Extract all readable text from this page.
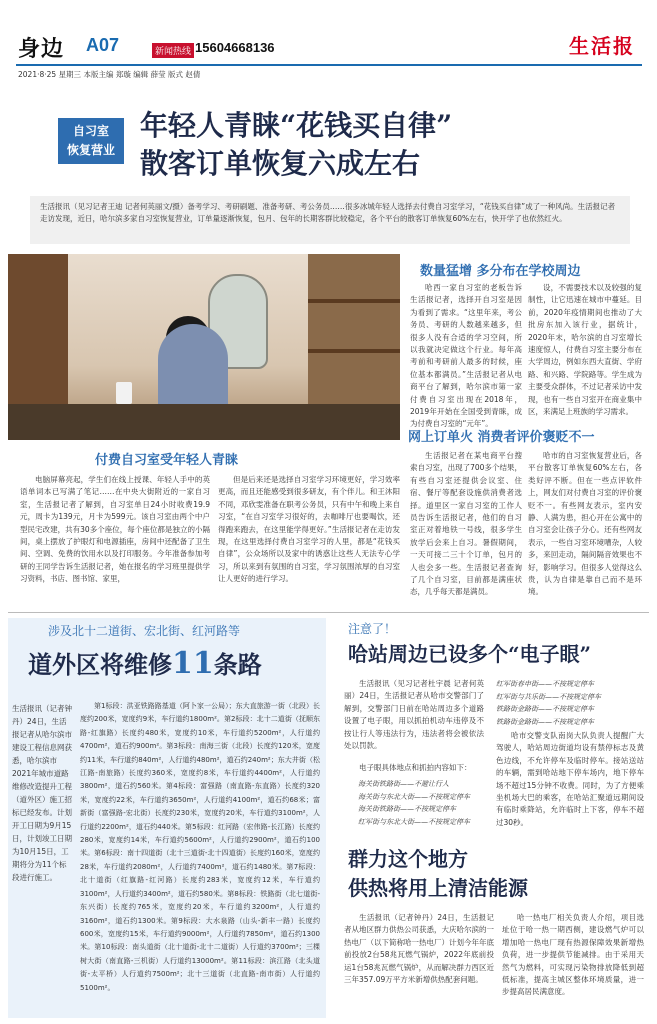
身边 A07	新闻热线 15604668136	生活报
2021·8·25 星期三 本版主编 郑璇 编辑 薛莹 版式 赵倩
自习室
恢复营业
年轻人青睐“花钱买自律”
散客订单恢复六成左右
生活报讯（见习记者王迪 记者何英丽文/摄）备考学习、考研刷题、准备考研、考公务员……很多冰城年轻人选择去付费自习室学习，“花钱买自律”成了一种风尚。生活报记者走访发现，近日，哈尔滨多家自习室恢复营业，订单量逐渐恢复，包月、包年的长期客群比较稳定，各个平台的散客订单恢复60%左右，快开学了也依然红火。
付费自习室受年轻人青睐

电脑屏幕亮起，学生们在线上授课、年轻人手中的英语单词本已写满了笔记……在中央大街附近的一家自习室，生活报记者了解到，自习室单日24小时收费19.9元，周卡为139元，月卡为599元。该自习室由两个中户型民宅改建，共有30多个座位，每个座位都是独立的小隔间，桌上摆放了护眼灯和电源插座，房间中还配备了卫生间、空调、免费的饮用水以及打印服务。今年准备参加考研的王同学告诉生活报记者，她在报名的学习班里提供学习资料，书店、图书馆、家里，

但是后来还是选择自习室学习环境更好，学习效率更高，而且还能感受到很多研友，有个伴儿。和王沐阳不同，邓欣雯准备在职考公务员，只有中午和晚上来自习室，“在自习室学习很好的，去咖啡厅也要喝饮，还得跑来跑去，在这里能学得更好。”生活报记者在走访发现，在这里选择付费自习室学习的人里，都是“花钱买自律”，公众场所以及家中的诱惑让这些人无法专心学习，所以来到有氛围的自习室，学习氛围浓厚的自习室让人更好的进行学习。

数量猛增 多分布在学校周边

哈西一家自习室的老板告诉生活报记者，选择开自习室是因为看到了需求。“这里年来，考公务员、考研的人数越来越多，但很多人没有合适的学习空间，所以我就决定做这个行业。每年高考前和考研前人最多的时候，座位基本都满员。”生活报记者从电商平台了解到，哈尔滨市第一家付费自习室出现在2018年，2019年开始在全国受到青睐，成为付费自习室的“元年”。

设，不需要技术以及较强的复制性，让它迅速在城市中蔓延。目前，2020年疫情期间也推动了大批房东加入该行业，据统计，2020年末，哈尔滨的自习室增长速度惊人，付费自习室主要分布在大学周边，例如东西大直街、学府路、和兴路、学院路等。学生成为主要受众群体，不过记者采访中发现，也有一些自习室开在商业集中区，来满足上班族的学习需求。

网上订单火 消费者评价褒贬不一

生活报记者在某电商平台搜索自习室，出现了700多个结果，有些自习室还提供会议室、住宿、餐厅等配套设施供消费者选择。道里区一家自习室的工作人员告诉生活报记者，他们的自习室正对着地铁一号线，很多学生放学后会来上自习。暑假期间，一天可接二三十个订单，包月的人也会多一些。生活报记者查询了几个自习室，目前都是满座状态，几乎每天都是满员。

哈市的自习室恢复营业后，各平台散客订单恢复60%左右，各类好评不断。但在一些点评软件上，网友们对付费自习室的评价褒贬不一。有些网友表示，室内安静、人满为患，担心开在公寓中的自习室会让孩子分心。还有些网友表示，一些自习室环境嘈杂，人较多，来回走动，隔间隔音效果也不好，影响学习。但很多人觉得这么贵，认为自律是靠自己而不是环境。

涉及北十二道街、宏北街、红河路等
道外区将维修11条路
生活报讯（记者钟丹）24日，生活报记者从哈尔滨市建设工程信息网获悉，哈尔滨市2021年城市道路维修改造提升工程（道外区）施工招标已经发布。计划开工日期为9月15日，计划竣工日期为10月15日，工期将分为11个标段进行施工。

第1标段：洪亚铁路路基道（阿卜家一公局）；东大直旅游一街（北段）长度约200米，宽度约9米，车行道约1800m²。第2标段：北十二道街（抚顺东路-红旗路）长度约480米，宽度约10米，车行道约5200m²，人行道约4700m²，道石约900m²。第3标段：南海三街（北段）长度约120米，宽度约11米，车行道约840m²，人行道约480m²，道石约240m²；东大井街（松江路-南旅路）长度约360米，宽度约8米，车行道约4400m²，人行道约3800m²，道石约560米。第4标段：富强路（南直路-东直路）长度约320米，宽度约22米，车行道约3650m²，人行道约4100m²，道石约68米；富新街（富强路-宏北街）长度约230米，宽度约20米，车行道约3100m²，人行道约2200m²，道石约440米。第5标段：红河路（宏伟路-长江路）长度约280米，宽度约14米，车行道约5600m²，人行道约2900m²，道石约100米。第6标段：南十四道街（北十三道街-北十四道街）长度约160米，宽度约28米，车行道约2080m²，人行道约7400m²，道石约1480米。第7标段：北十道街（红旗路-红河路）长度约283米，宽度约12米，车行道约3100m²，人行道约3400m²，道石约580米。第8标段：铁路街（北七道街-东兴街）长度约765米，宽度约20米，车行道约3200m²，人行道约3160m²，道石约1300米。第9标段：大水泉路（山头-新丰一路）长度约600米，宽度约15米，车行道约9000m²，人行道约7850m²，道石约1300米。第10标段：南头道街（北十道街-北十二道街）人行道约3700m²；三棵树大街（南直路-三机街）人行道约13000m²。第11标段：滨江路（北头道街-太平桥）人行道约7500m²；北十三道街（北直路-南市街）人行道约5100m²。

注意了！
哈站周边已设多个“电子眼”

生活报讯（见习记者杜宇晨 记者何英丽）24日，生活报记者从哈市交警部门了解到，交警部门日前在哈站周边多个道路设置了电子眼，用以抓拍机动车违停及不按让行人等违法行为，违法者将会被依法处以罚款。

电子眼具体地点和抓拍内容如下：

海关街铁路街——不避让行人
海关街与东北大街——不按规定停车
海关街铁路街——不按规定停车
红军街与东北大街——不按规定停车
红军街春申街——不按规定停车
红军街与共乐街——不按规定停车
铁路街金路街——不按规定停车
铁路街金路街——不按规定停车

哈市交警支队南岗大队负责人提醒广大驾驶人，哈站周边街道均设有禁停标志及黄色边线，不允许停车及临时停车。接站送站的车辆，需到哈站地下停车场内，地下停车场不超过15分钟不收费。同时，为了方便乘坐机场大巴的乘客，在哈站汇聚道远期间设有临时乘降站，允许临时上下客，停车不超过30秒。

群力这个地方
供热将用上清洁能源

生活报讯（记者钟丹）24日，生活报记者从地区群力供热公司获悉，大庆哈尔滨的一热电厂（以下简称哈一热电厂）计划今年年底前投放2台58兆瓦燃气锅炉，2022年底前投运1台58兆瓦燃气锅炉，从而解决群力西区近三年357.09万平方米新增供热配套问题。

哈一热电厂相关负责人介绍，项目选址位于哈一热一期西侧，建设燃气炉可以增加哈一热电厂现有热源保障效果新增热负荷，进一步提供节能减排。由于采用天然气为燃料，可实现污染物排放降低到超低标准，提高主城区整体环境质量，进一步提高居民满意度。
